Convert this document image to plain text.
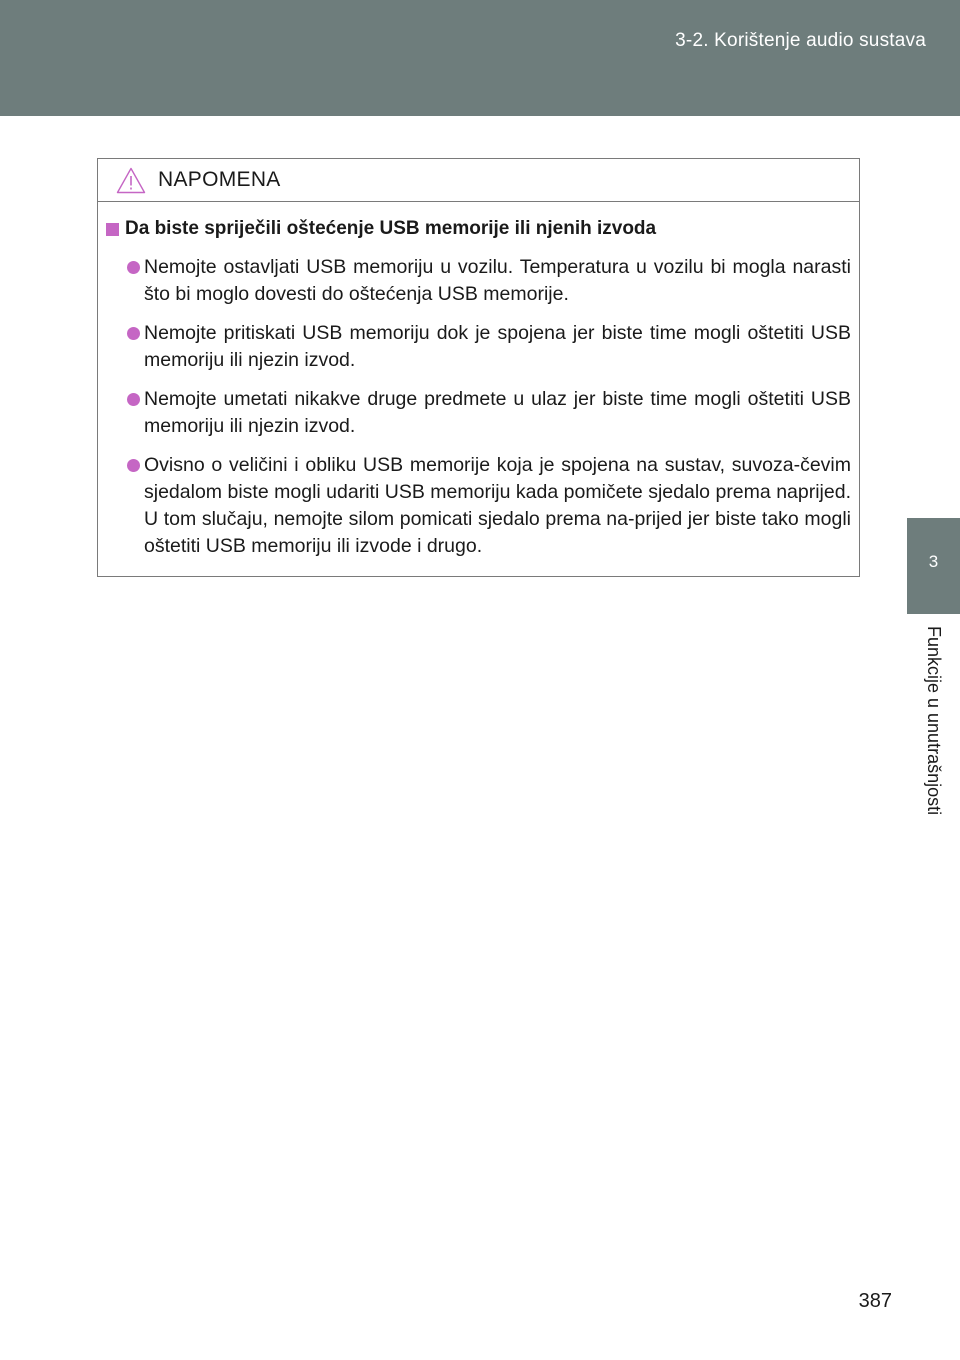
3-2. Korištenje audio sustava
3
Funkcije u unutrašnjosti
NAPOMENA
Da biste spriječili oštećenje USB memorije ili njenih izvoda
Nemojte ostavljati USB memoriju u vozilu. Temperatura u vozilu bi mogla narasti što bi moglo dovesti do oštećenja USB memorije.
Nemojte pritiskati USB memoriju dok je spojena jer biste time mogli oštetiti USB memoriju ili njezin izvod.
Nemojte umetati nikakve druge predmete u ulaz jer biste time mogli oštetiti USB memoriju ili njezin izvod.
Ovisno o veličini i obliku USB memorije koja je spojena na sustav, suvoza-čevim sjedalom biste mogli udariti USB memoriju kada pomičete sjedalo prema naprijed. U tom slučaju, nemojte silom pomicati sjedalo prema na-prijed jer biste tako mogli oštetiti USB memoriju ili izvode i drugo.
387
